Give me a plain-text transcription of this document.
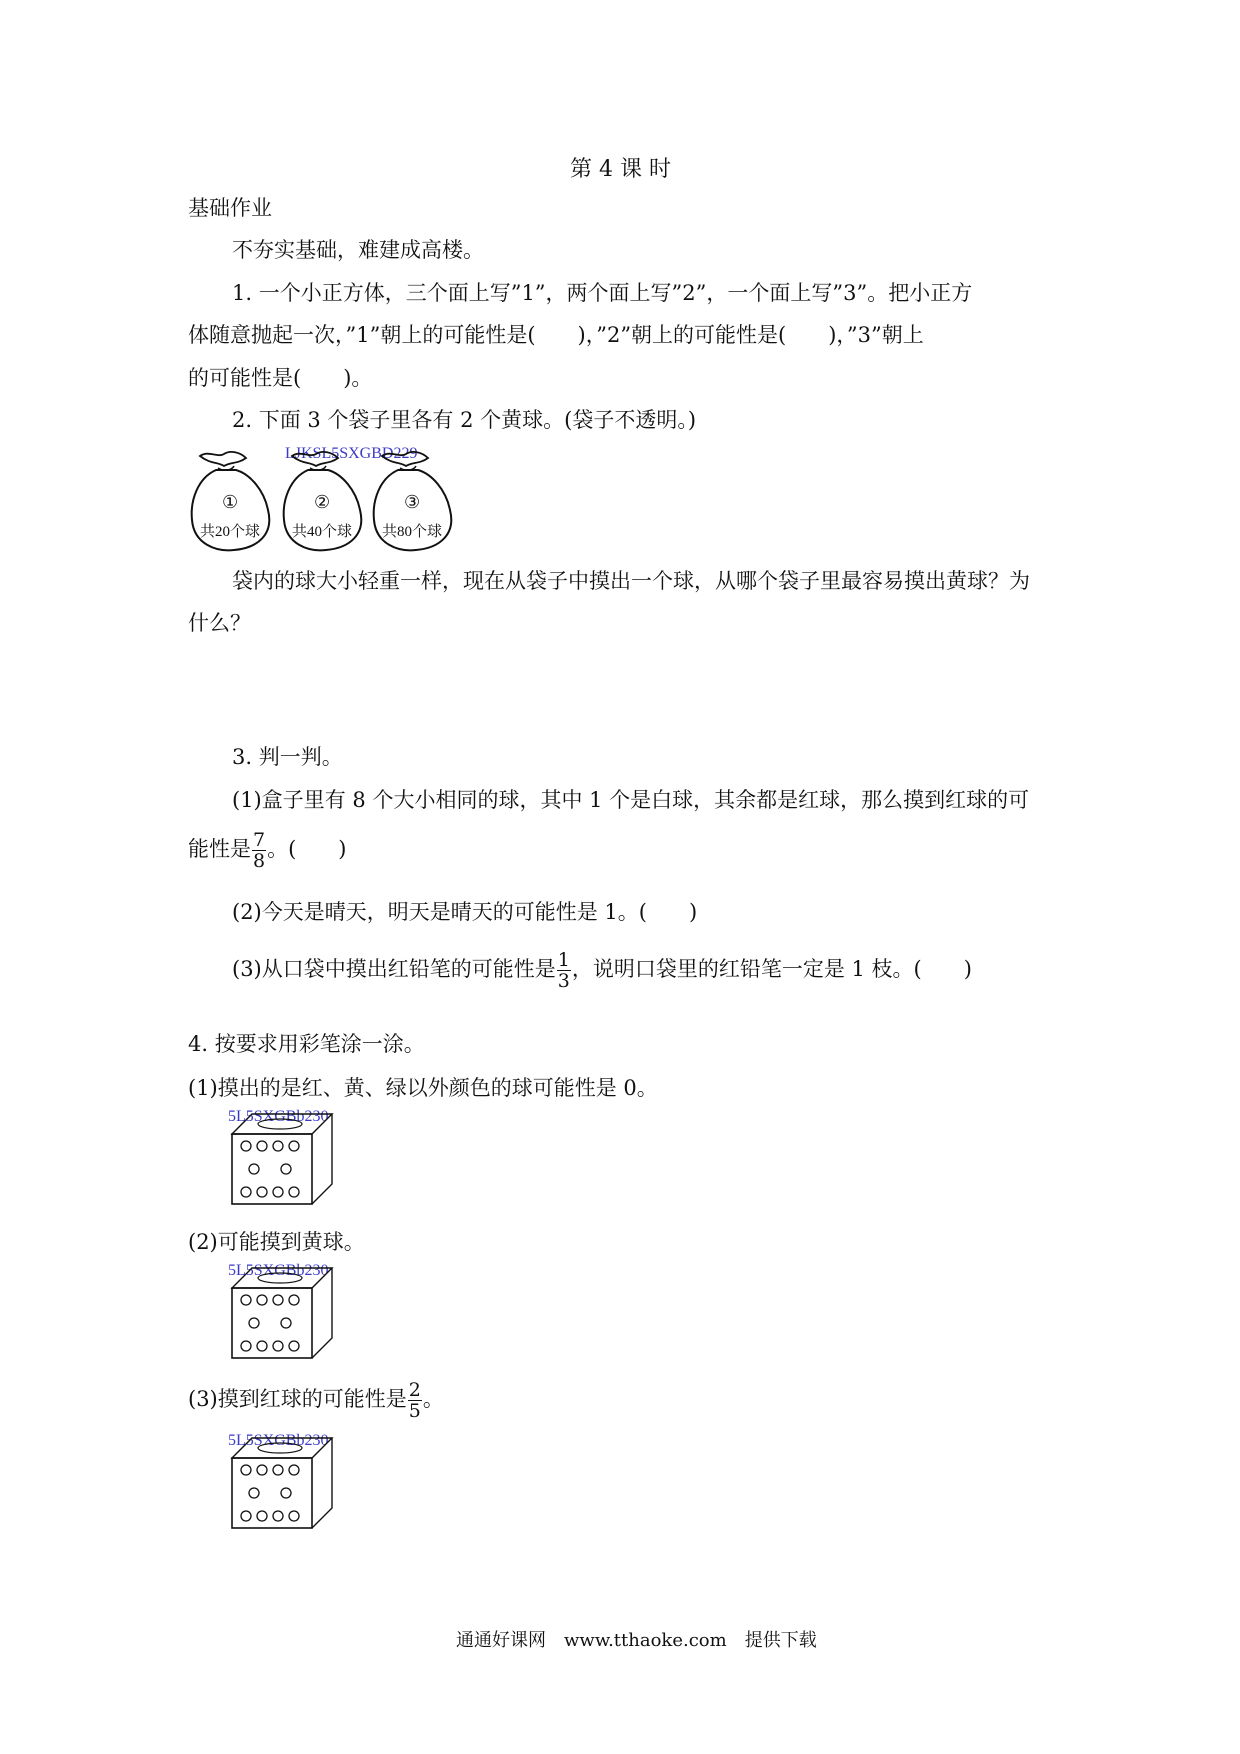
第 4 课 时
基础作业
不夯实基础，难建成高楼。
1. 一个小正方体，三个面上写”1”，两个面上写”2”，一个面上写”3”。把小正方
体随意抛起一次，”1”朝上的可能性是(　　)，”2”朝上的可能性是(　　)，”3”朝上
的可能性是(　　)。
2. 下面 3 个袋子里各有 2 个黄球。(袋子不透明。)
LJKSL5SXGBD229
①
共20个球
②
共40个球
③
共80个球
袋内的球大小轻重一样，现在从袋子中摸出一个球，从哪个袋子里最容易摸出黄球？为
什么？
3. 判一判。
(1)盒子里有 8 个大小相同的球，其中 1 个是白球，其余都是红球，那么摸到红球的可
能性是 $\frac{7}{8}$ 。(　　)
(2)今天是晴天，明天是晴天的可能性是 1。(　　)
(3)从口袋中摸出红铅笔的可能性是 $\frac{1}{3}$ ，说明口袋里的红铅笔一定是 1 枝。(　　)
4. 按要求用彩笔涂一涂。
(1)摸出的是红、黄、绿以外颜色的球可能性是 0。
5L5SXGBb230
(2)可能摸到黄球。
5L5SXGBb230
(3)摸到红球的可能性是 $\frac{2}{5}$ 。
5L5SXGBb230
通通好课网　www.tthaoke.com　提供下载
